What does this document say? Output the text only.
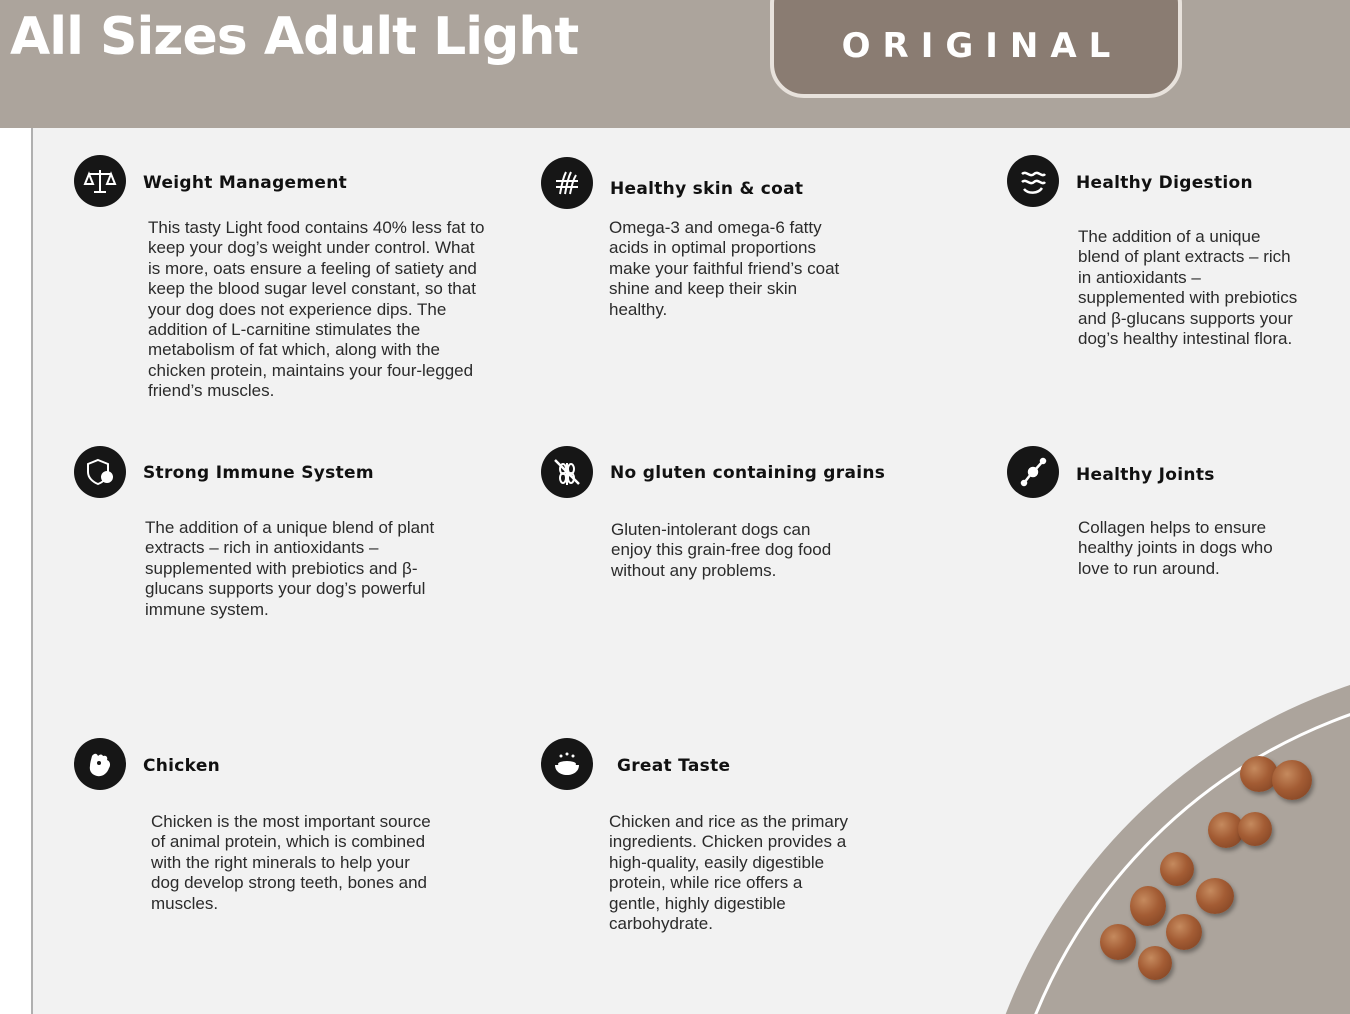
All Sizes Adult Light	ORIGINAL
Weight Management
This tasty Light food contains 40% less fat to
keep your dog’s weight under control. What
is more, oats ensure a feeling of satiety and
keep the blood sugar level constant, so that
your dog does not experience dips. The
addition of L-carnitine stimulates the
metabolism of fat which, along with the
chicken protein, maintains your four-legged
friend’s muscles.
Healthy skin & coat
Omega-3 and omega-6 fatty
acids in optimal proportions
make your faithful friend’s coat
shine and keep their skin
healthy.
Healthy Digestion
The addition of a unique
blend of plant extracts – rich
in antioxidants –
supplemented with prebiotics
and β-glucans supports your
dog’s healthy intestinal flora.
Strong Immune System
The addition of a unique blend of plant
extracts – rich in antioxidants –
supplemented with prebiotics and β-
glucans supports your dog’s powerful
immune system.
No gluten containing grains
Gluten-intolerant dogs can
enjoy this grain-free dog food
without any problems.
Healthy Joints
Collagen helps to ensure
healthy joints in dogs who
love to run around.
Chicken
Chicken is the most important source
of animal protein, which is combined
with the right minerals to help your
dog develop strong teeth, bones and
muscles.
Great Taste
Chicken and rice as the primary
ingredients. Chicken provides a
high-quality, easily digestible
protein, while rice offers a
gentle, highly digestible
carbohydrate.
